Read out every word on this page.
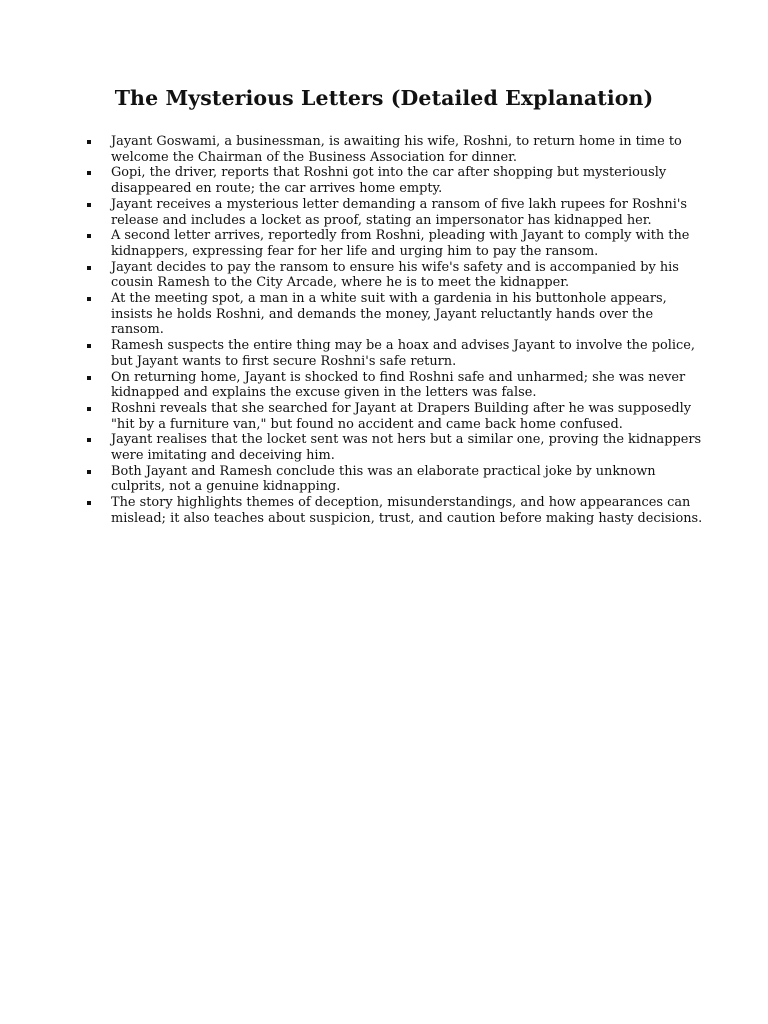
The Mysterious Letters (Detailed Explanation)
Jayant Goswami, a businessman, is awaiting his wife, Roshni, to return home in time to welcome the Chairman of the Business Association for dinner.
Gopi, the driver, reports that Roshni got into the car after shopping but mysteriously disappeared en route; the car arrives home empty.
Jayant receives a mysterious letter demanding a ransom of five lakh rupees for Roshni's release and includes a locket as proof, stating an impersonator has kidnapped her.
A second letter arrives, reportedly from Roshni, pleading with Jayant to comply with the kidnappers, expressing fear for her life and urging him to pay the ransom.
Jayant decides to pay the ransom to ensure his wife's safety and is accompanied by his cousin Ramesh to the City Arcade, where he is to meet the kidnapper.
At the meeting spot, a man in a white suit with a gardenia in his buttonhole appears, insists he holds Roshni, and demands the money, Jayant reluctantly hands over the ransom.
Ramesh suspects the entire thing may be a hoax and advises Jayant to involve the police, but Jayant wants to first secure Roshni's safe return.
On returning home, Jayant is shocked to find Roshni safe and unharmed; she was never kidnapped and explains the excuse given in the letters was false.
Roshni reveals that she searched for Jayant at Drapers Building after he was supposedly "hit by a furniture van," but found no accident and came back home confused.
Jayant realises that the locket sent was not hers but a similar one, proving the kidnappers were imitating and deceiving him.
Both Jayant and Ramesh conclude this was an elaborate practical joke by unknown culprits, not a genuine kidnapping.
The story highlights themes of deception, misunderstandings, and how appearances can mislead; it also teaches about suspicion, trust, and caution before making hasty decisions.
